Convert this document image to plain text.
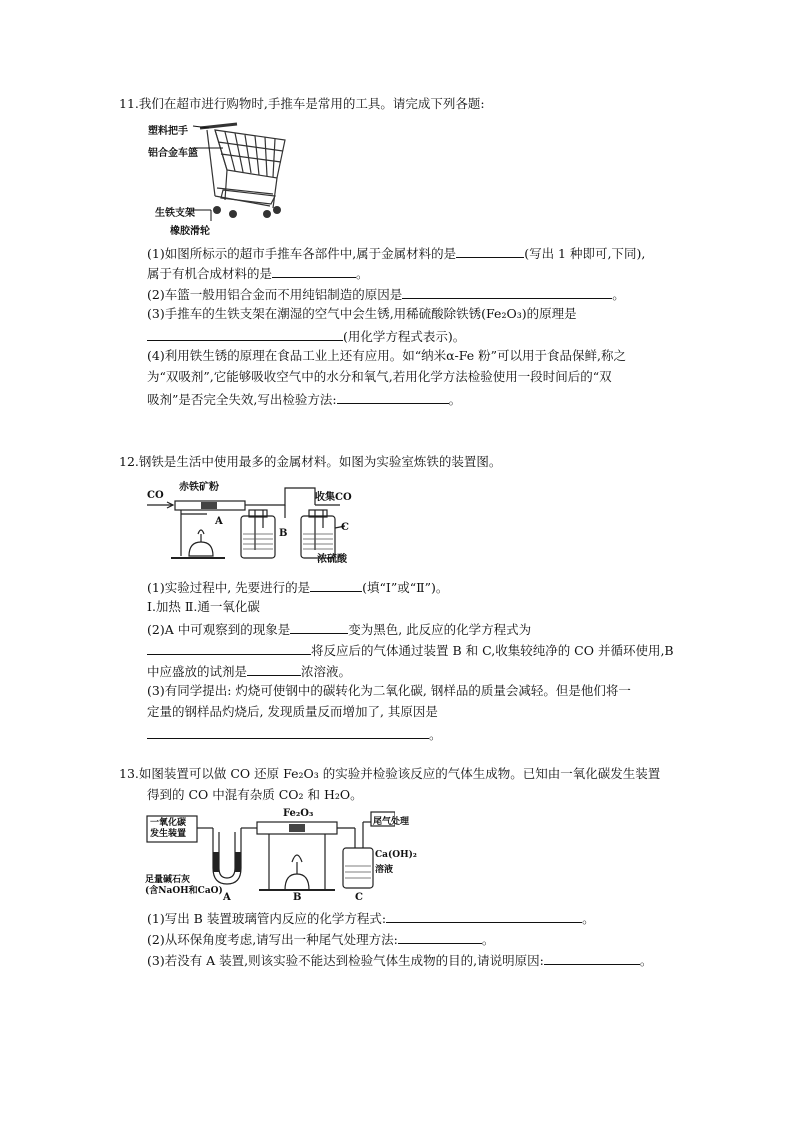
11.我们在超市进行购物时,手推车是常用的工具。请完成下列各题:
塑料把手
铝合金车篮
生铁支架
橡胶滑轮
(1)如图所标示的超市手推车各部件中,属于金属材料的是	(写出 1 种即可,下同),
属于有机合成材料的是	。
(2)车篮一般用铝合金而不用纯铝制造的原因是	。
(3)手推车的生铁支架在潮湿的空气中会生锈,用稀硫酸除铁锈(Fe₂O₃)的原理是
(用化学方程式表示)。
(4)利用铁生锈的原理在食品工业上还有应用。如“纳米α-Fe 粉”可以用于食品保鲜,称之
为“双吸剂”,它能够吸收空气中的水分和氧气,若用化学方法检验使用一段时间后的“双
吸剂”是否完全失效,写出检验方法:	。
12.钢铁是生活中使用最多的金属材料。如图为实验室炼铁的装置图。
CO
赤铁矿粉
收集CO
A
B
C
浓硫酸
(1)实验过程中, 先要进行的是	(填“Ⅰ”或“Ⅱ”)。
Ⅰ.加热 Ⅱ.通一氧化碳
(2)A 中可观察到的现象是	变为黑色, 此反应的化学方程式为
将反应后的气体通过装置 B 和 C,收集较纯净的 CO 并循环使用,B
中应盛放的试剂是	浓溶液。
(3)有同学提出: 灼烧可使钢中的碳转化为二氧化碳, 钢样品的质量会减轻。但是他们将一
定量的钢样品灼烧后, 发现质量反而增加了, 其原因是
。
13.如图装置可以做 CO 还原 Fe₂O₃ 的实验并检验该反应的气体生成物。已知由一氧化碳发生装置
得到的 CO 中混有杂质 CO₂ 和 H₂O。
一氧化碳
发生装置
Fe₂O₃
尾气处理
Ca(OH)₂
溶液
足量碱石灰
(含NaOH和CaO)
A	B	C
(1)写出 B 装置玻璃管内反应的化学方程式:	。
(2)从环保角度考虑,请写出一种尾气处理方法:	。
(3)若没有 A 装置,则该实验不能达到检验气体生成物的目的,请说明原因:	。
